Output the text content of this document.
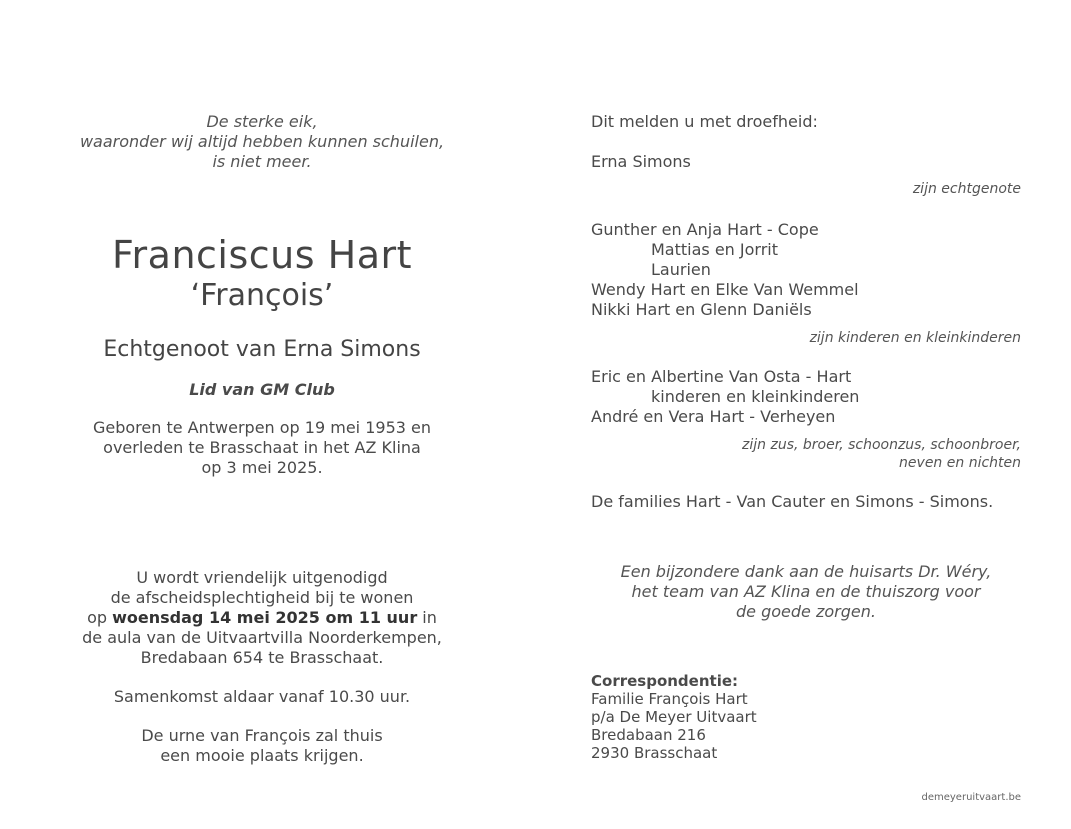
De sterke eik,
waaronder wij altijd hebben kunnen schuilen,
is niet meer.
Franciscus Hart
‘François’
Echtgenoot van Erna Simons
Lid van GM Club
Geboren te Antwerpen op 19 mei 1953 en
overleden te Brasschaat in het AZ Klina
op 3 mei 2025.
U wordt vriendelijk uitgenodigd
de afscheidsplechtigheid bij te wonen
op woensdag 14 mei 2025 om 11 uur in
de aula van de Uitvaartvilla Noorderkempen,
Bredabaan 654 te Brasschaat.
Samenkomst aldaar vanaf 10.30 uur.
De urne van François zal thuis
een mooie plaats krijgen.
Dit melden u met droefheid:
Erna Simons
zijn echtgenote
Gunther en Anja Hart - Cope
Mattias en Jorrit
Laurien
Wendy Hart en Elke Van Wemmel
Nikki Hart en Glenn Daniëls
zijn kinderen en kleinkinderen
Eric en Albertine Van Osta - Hart
kinderen en kleinkinderen
André en Vera Hart - Verheyen
zijn zus, broer, schoonzus, schoonbroer,
neven en nichten
De families Hart - Van Cauter en Simons - Simons.
Een bijzondere dank aan de huisarts Dr. Wéry,
het team van AZ Klina en de thuiszorg voor
de goede zorgen.
Correspondentie:
Familie François Hart
p/a De Meyer Uitvaart
Bredabaan 216
2930 Brasschaat
demeyeruitvaart.be
